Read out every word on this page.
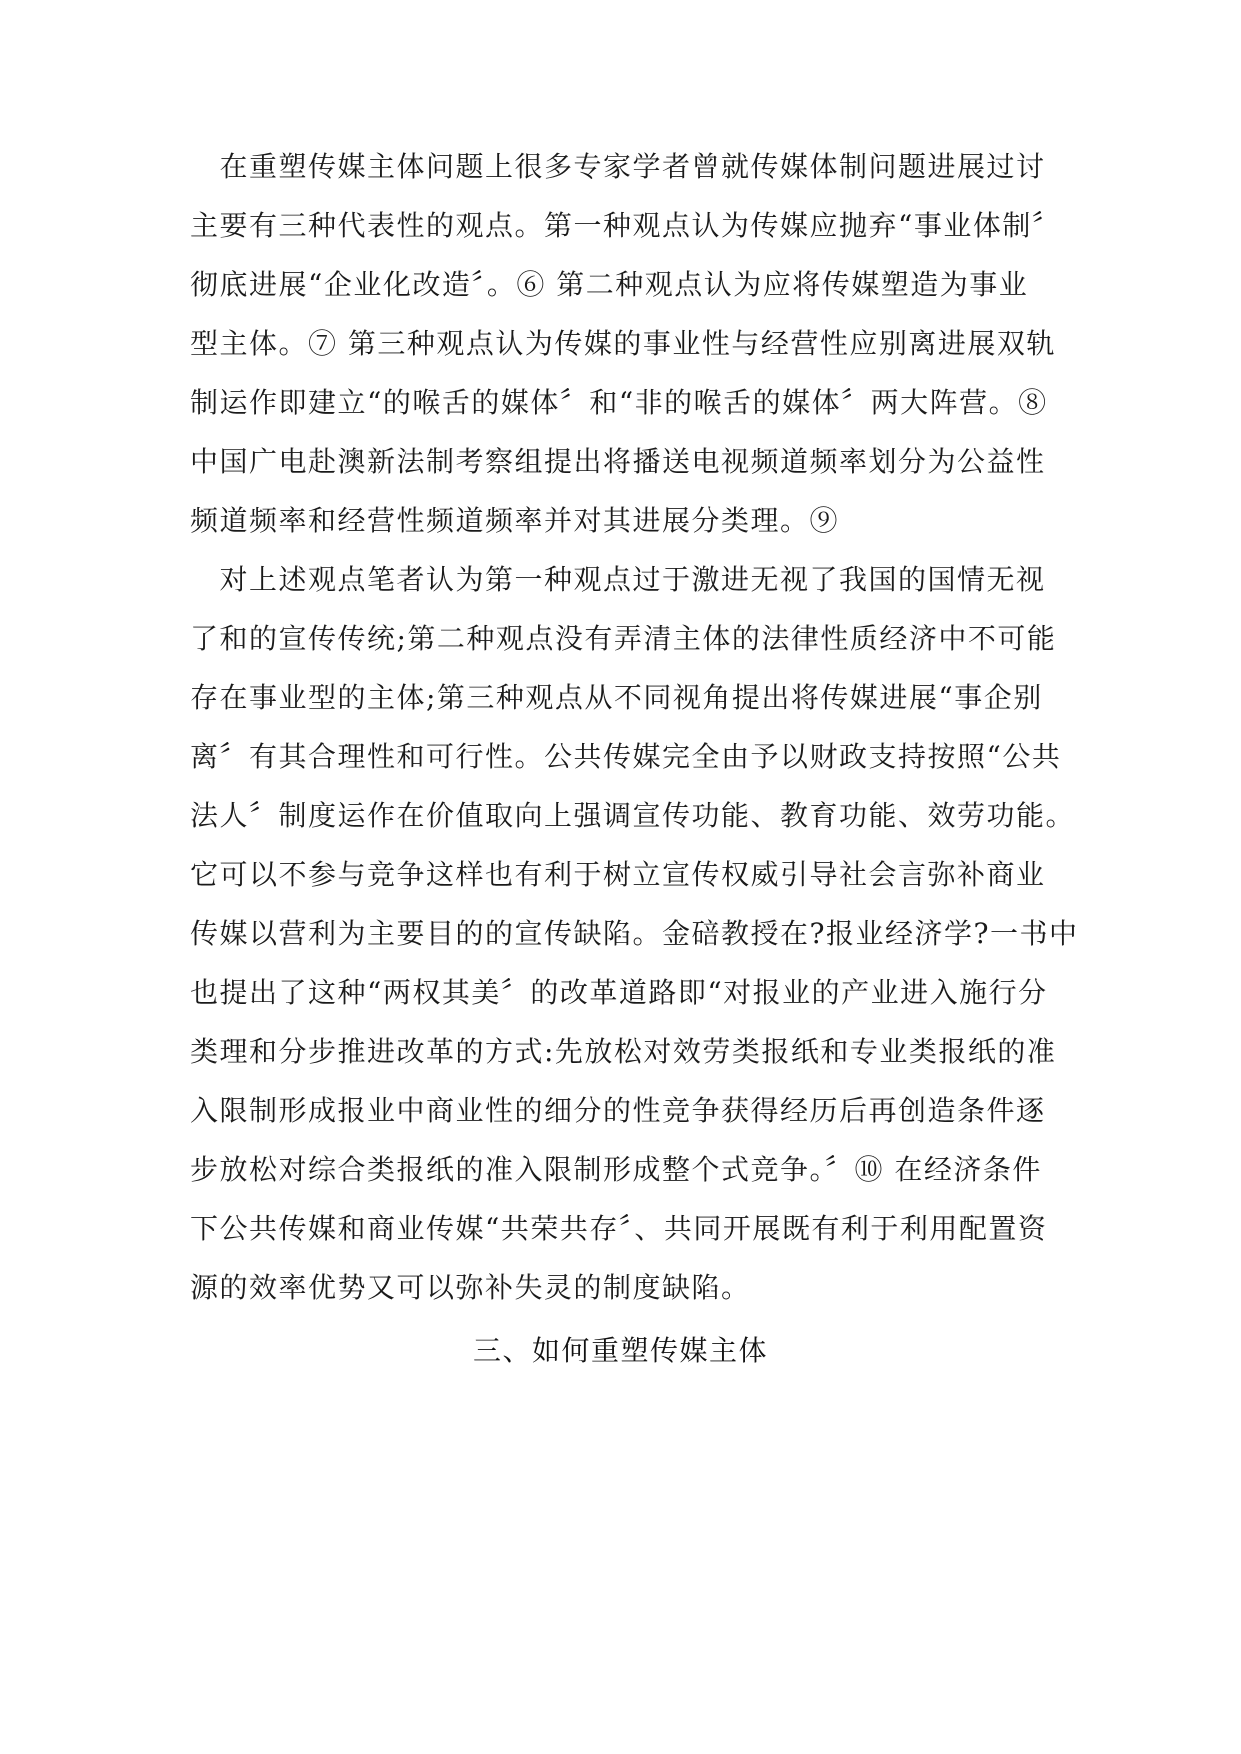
　在重塑传媒主体问题上很多专家学者曾就传媒体制问题进展过讨
主要有三种代表性的观点。第一种观点认为传媒应抛弃“事业体制〞
彻底进展“企业化改造〞。⑥ 第二种观点认为应将传媒塑造为事业
型主体。⑦ 第三种观点认为传媒的事业性与经营性应别离进展双轨
制运作即建立“的喉舌的媒体〞和“非的喉舌的媒体〞两大阵营。⑧
中国广电赴澳新法制考察组提出将播送电视频道频率划分为公益性
频道频率和经营性频道频率并对其进展分类理。⑨
　对上述观点笔者认为第一种观点过于激进无视了我国的国情无视
了和的宣传传统;第二种观点没有弄清主体的法律性质经济中不可能
存在事业型的主体;第三种观点从不同视角提出将传媒进展“事企别
离〞有其合理性和可行性。公共传媒完全由予以财政支持按照“公共
法人〞制度运作在价值取向上强调宣传功能、教育功能、效劳功能。
它可以不参与竞争这样也有利于树立宣传权威引导社会言弥补商业
传媒以营利为主要目的的宣传缺陷。金碚教授在?报业经济学?一书中
也提出了这种“两权其美〞的改革道路即“对报业的产业进入施行分
类理和分步推进改革的方式:先放松对效劳类报纸和专业类报纸的准
入限制形成报业中商业性的细分的性竞争获得经历后再创造条件逐
步放松对综合类报纸的准入限制形成整个式竞争。〞⑩ 在经济条件
下公共传媒和商业传媒“共荣共存〞、共同开展既有利于利用配置资
源的效率优势又可以弥补失灵的制度缺陷。
三、如何重塑传媒主体
